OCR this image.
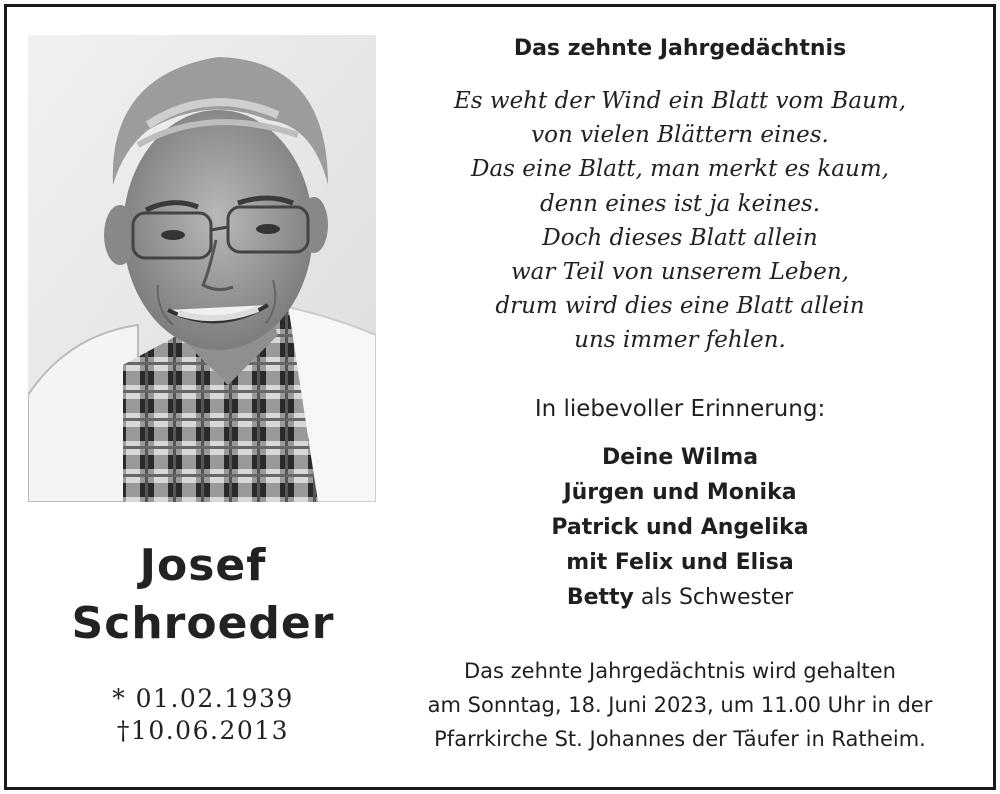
Josef
Schroeder
* 01.02.1939
†10.06.2013
Das zehnte Jahrgedächtnis
Es weht der Wind ein Blatt vom Baum,
von vielen Blättern eines.
Das eine Blatt, man merkt es kaum,
denn eines ist ja keines.
Doch dieses Blatt allein
war Teil von unserem Leben,
drum wird dies eine Blatt allein
uns immer fehlen.
In liebevoller Erinnerung:
Deine Wilma
Jürgen und Monika
Patrick und Angelika
mit Felix und Elisa
Betty als Schwester
Das zehnte Jahrgedächtnis wird gehalten
am Sonntag, 18. Juni 2023, um 11.00 Uhr in der
Pfarrkirche St. Johannes der Täufer in Ratheim.
